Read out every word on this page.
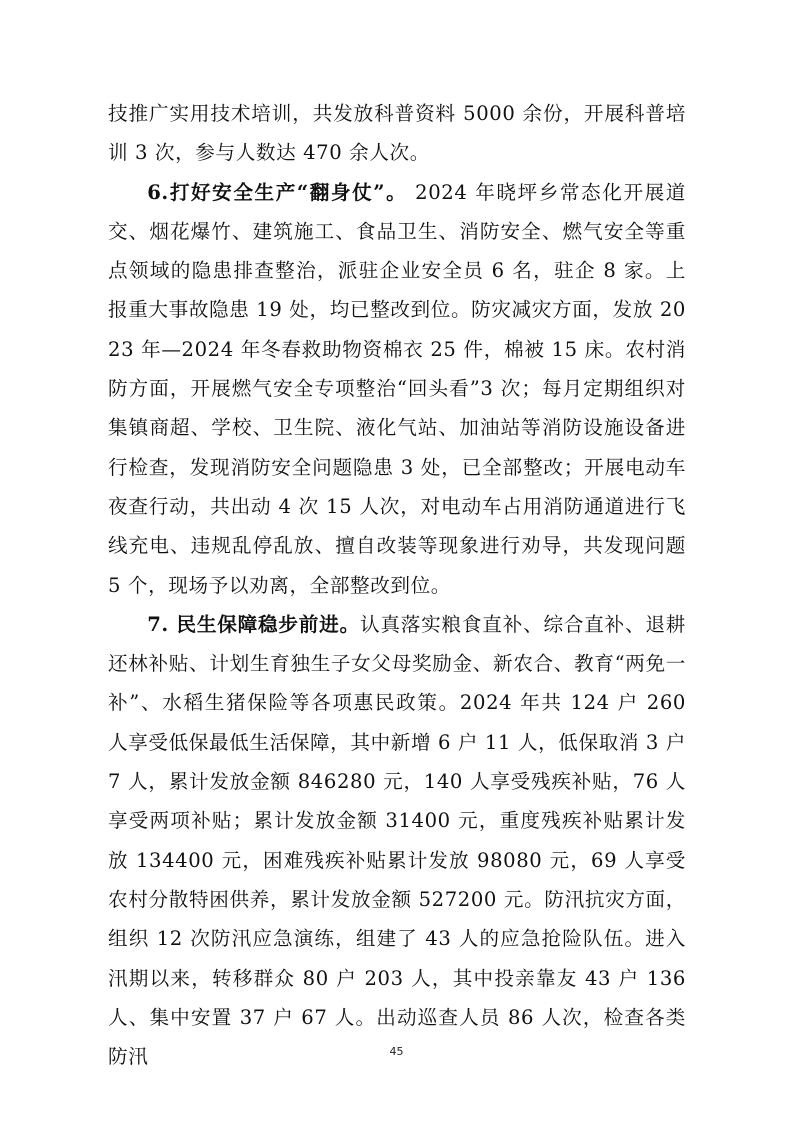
技推广实用技术培训，共发放科普资料 5000 余份，开展科普培训 3 次，参与人数达 470 余人次。

6.打好安全生产“翻身仗”。 2024 年晓坪乡常态化开展道交、烟花爆竹、建筑施工、食品卫生、消防安全、燃气安全等重点领域的隐患排查整治，派驻企业安全员 6 名，驻企 8 家。上报重大事故隐患 19 处，均已整改到位。防灾减灾方面，发放 2023 年—2024 年冬春救助物资棉衣 25 件，棉被 15 床。农村消防方面，开展燃气安全专项整治“回头看”3 次；每月定期组织对集镇商超、学校、卫生院、液化气站、加油站等消防设施设备进行检查，发现消防安全问题隐患 3 处，已全部整改；开展电动车夜查行动，共出动 4 次 15 人次，对电动车占用消防通道进行飞线充电、违规乱停乱放、擅自改装等现象进行劝导，共发现问题 5 个，现场予以劝离，全部整改到位。

7. 民生保障稳步前进。认真落实粮食直补、综合直补、退耕还林补贴、计划生育独生子女父母奖励金、新农合、教育“两免一补”、水稻生猪保险等各项惠民政策。2024 年共 124 户 260 人享受低保最低生活保障，其中新增 6 户 11 人，低保取消 3 户 7 人，累计发放金额 846280 元，140 人享受残疾补贴，76 人享受两项补贴；累计发放金额 31400 元，重度残疾补贴累计发放 134400 元，困难残疾补贴累计发放 98080 元，69 人享受农村分散特困供养，累计发放金额 527200 元。防汛抗灾方面，组织 12 次防汛应急演练，组建了 43 人的应急抢险队伍。进入汛期以来，转移群众 80 户 203 人，其中投亲靠友 43 户 136 人、集中安置 37 户 67 人。出动巡查人员 86 人次，检查各类防汛	45
